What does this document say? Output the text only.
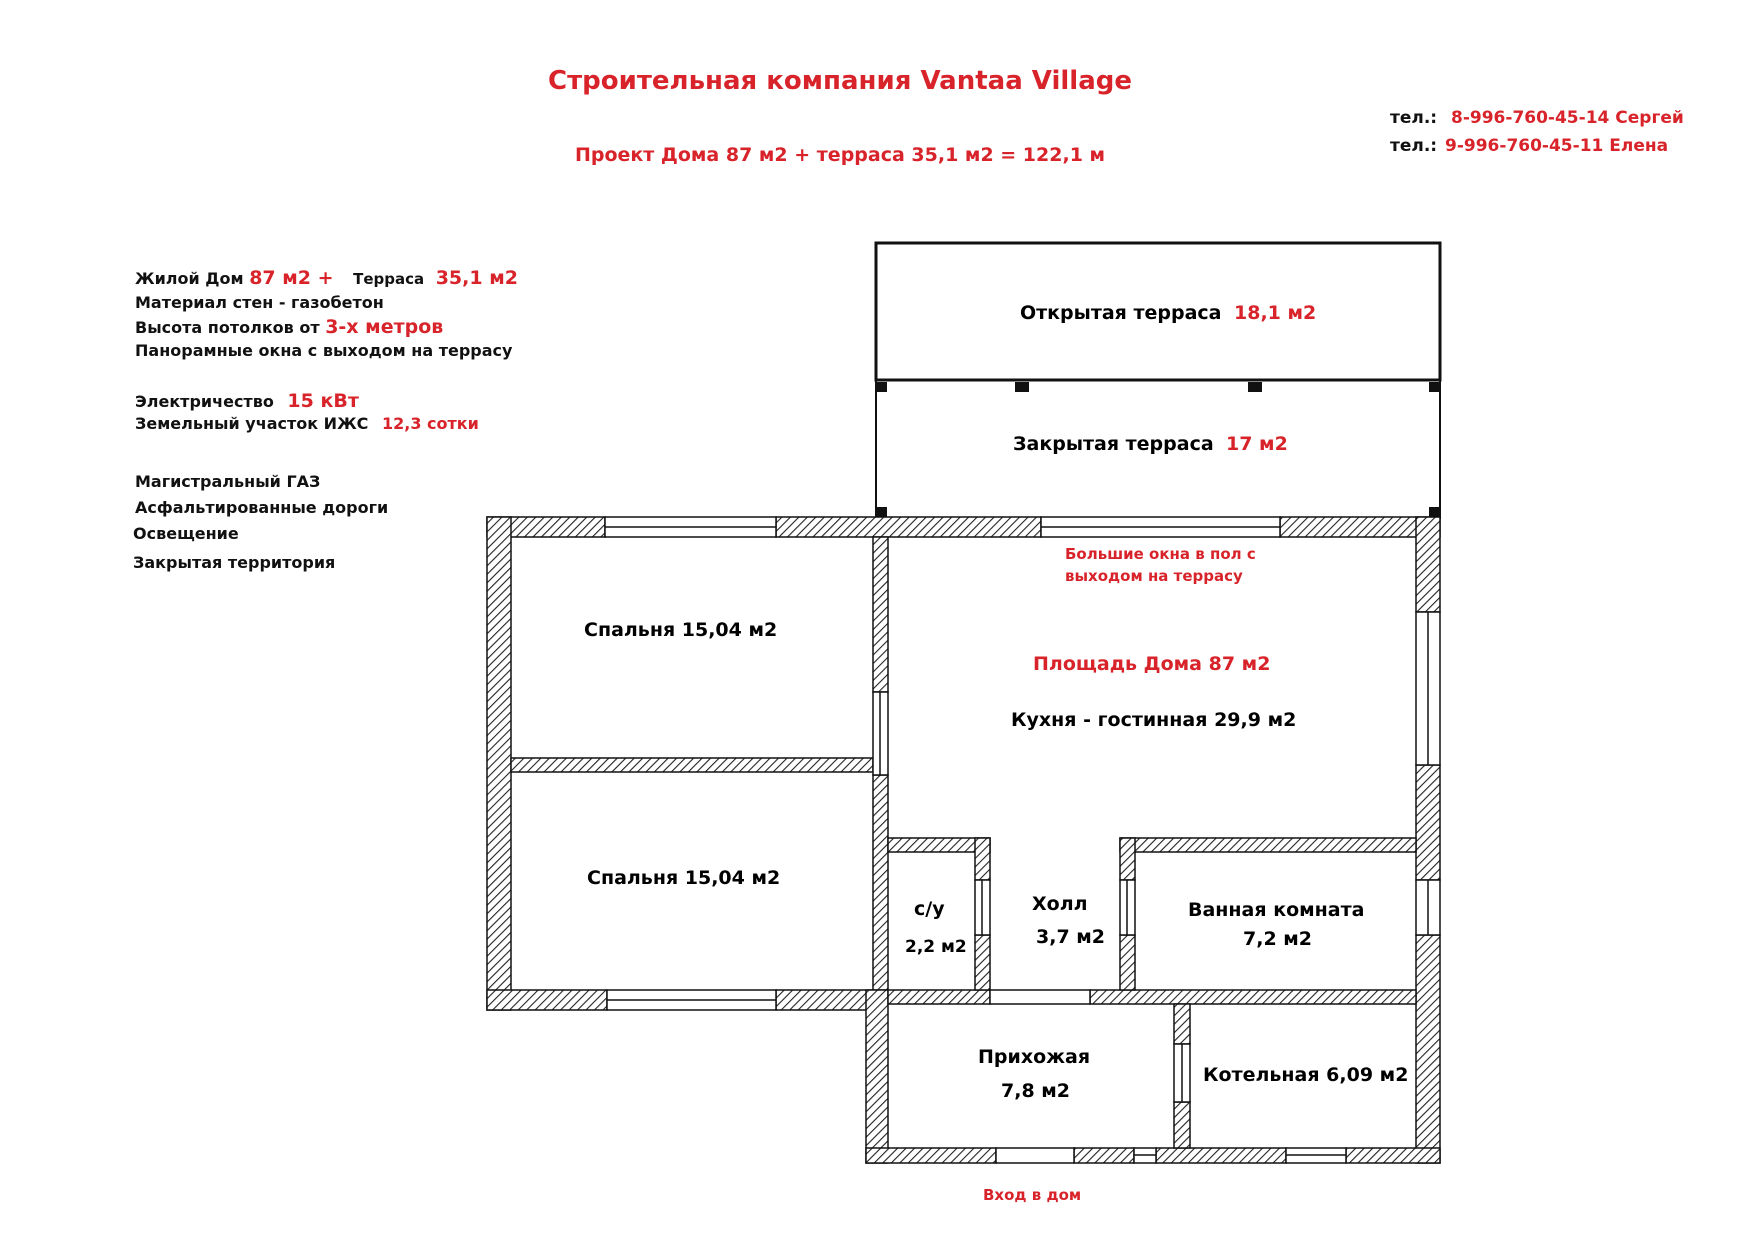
Строительная компания Vantaa Village
Проект Дома 87 м2 + терраса 35,1 м2 = 122,1 м
тел.: 8-996-760-45-14 Сергей
тел.: 9-996-760-45-11 Елена
Жилой Дом 87 м2 + Терраса 35,1 м2
Материал стен - газобетон
Высота потолков от 3-х метров
Панорамные окна с выходом на террасу
Электричество 15 кВт
Земельный участок ИЖС 12,3 сотки
Магистральный ГАЗ
Асфальтированные дороги
Освещение
Закрытая территория
Открытая терраса 18,1 м2
Закрытая терраса 17 м2
Большие окна в пол с
выходом на террасу
Площадь Дома 87 м2
Кухня - гостинная 29,9 м2
Спальня 15,04 м2
Спальня 15,04 м2
с/у
2,2 м2
Холл
3,7 м2
Ванная комната
7,2 м2
Прихожая
7,8 м2
Котельная 6,09 м2
Вход в дом
